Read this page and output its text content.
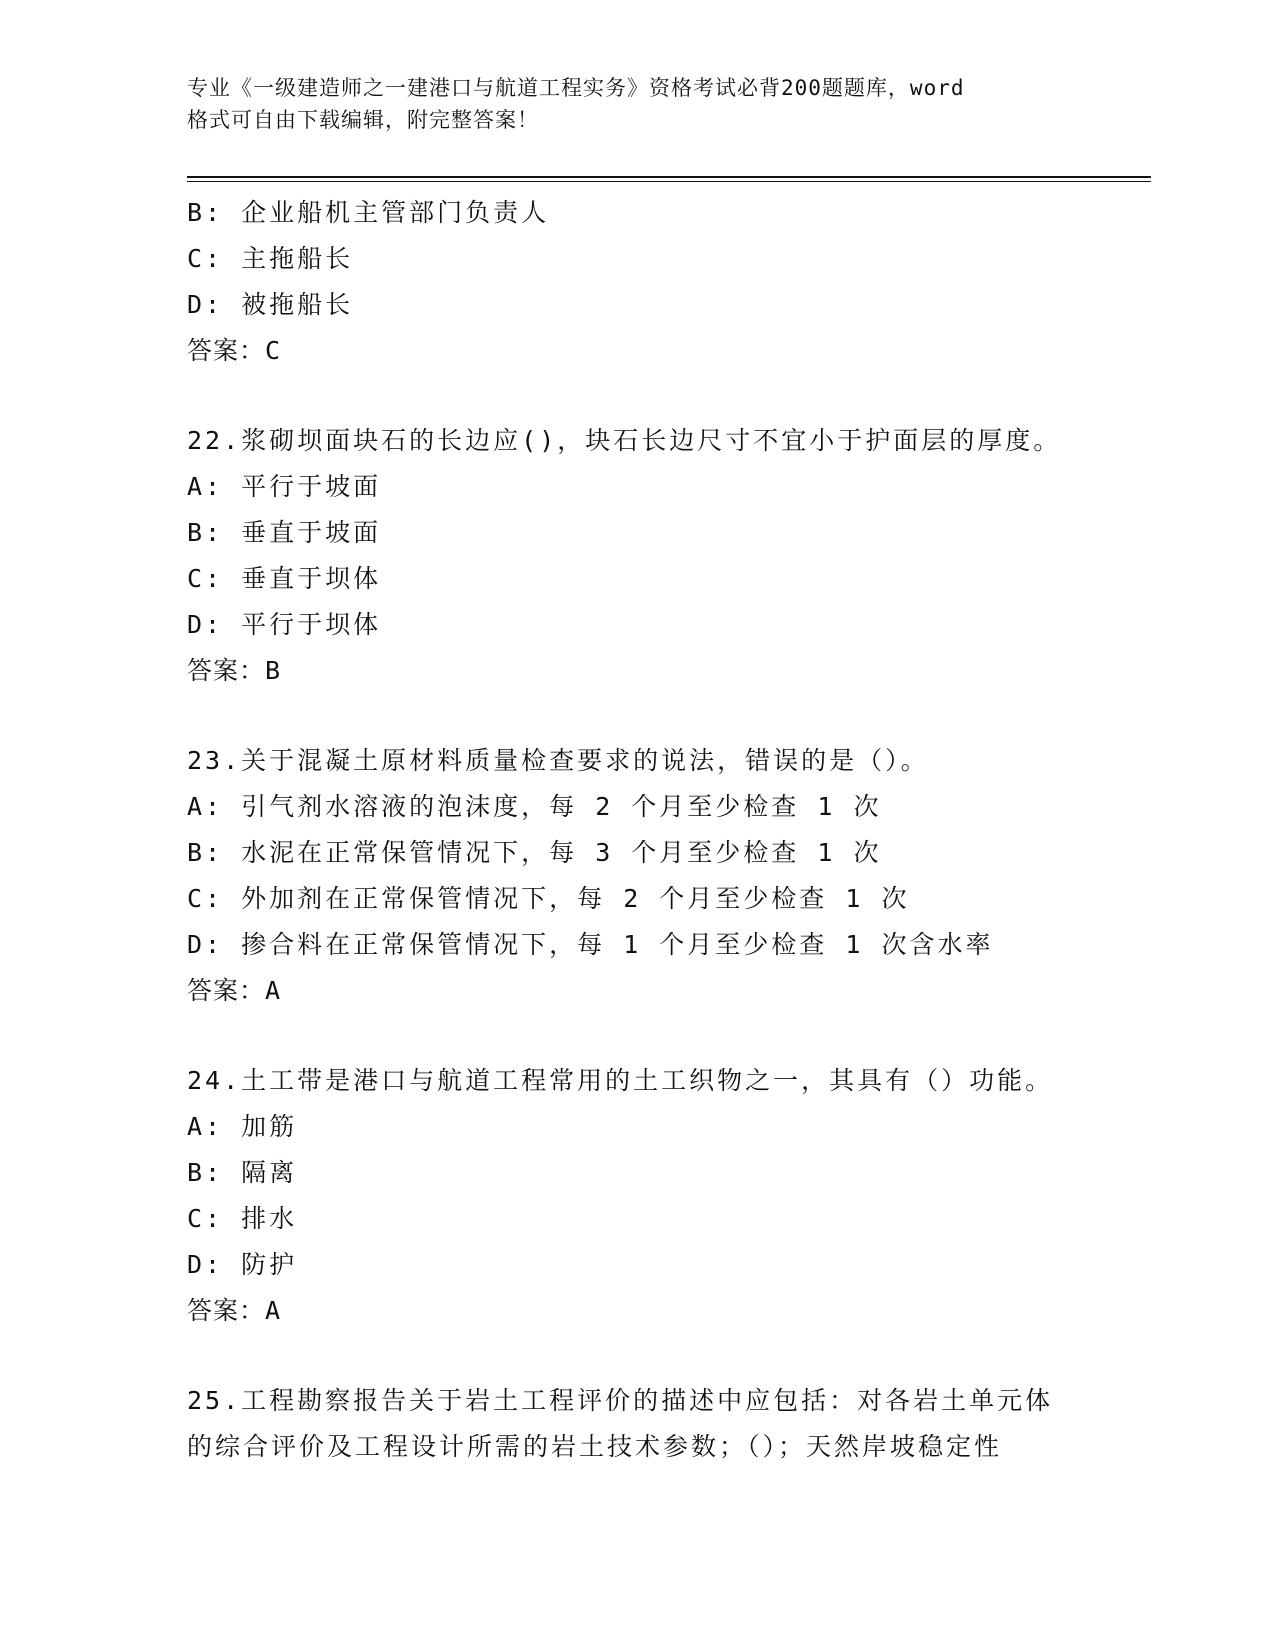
专业《一级建造师之一建港口与航道工程实务》资格考试必背200题题库，word
格式可自由下载编辑，附完整答案！
B: 企业船机主管部门负责人
C: 主拖船长
D: 被拖船长
答案：C
22.浆砌坝面块石的长边应()，块石长边尺寸不宜小于护面层的厚度。
A: 平行于坡面
B: 垂直于坡面
C: 垂直于坝体
D: 平行于坝体
答案：B
23.关于混凝土原材料质量检查要求的说法，错误的是（）。
A: 引气剂水溶液的泡沫度，每 2 个月至少检查 1 次
B: 水泥在正常保管情况下，每 3 个月至少检查 1 次
C: 外加剂在正常保管情况下，每 2 个月至少检查 1 次
D: 掺合料在正常保管情况下，每 1 个月至少检查 1 次含水率
答案：A
24.土工带是港口与航道工程常用的土工织物之一，其具有（）功能。
A: 加筋
B: 隔离
C: 排水
D: 防护
答案：A
25.工程勘察报告关于岩土工程评价的描述中应包括：对各岩土单元体
的综合评价及工程设计所需的岩土技术参数；（）；天然岸坡稳定性
